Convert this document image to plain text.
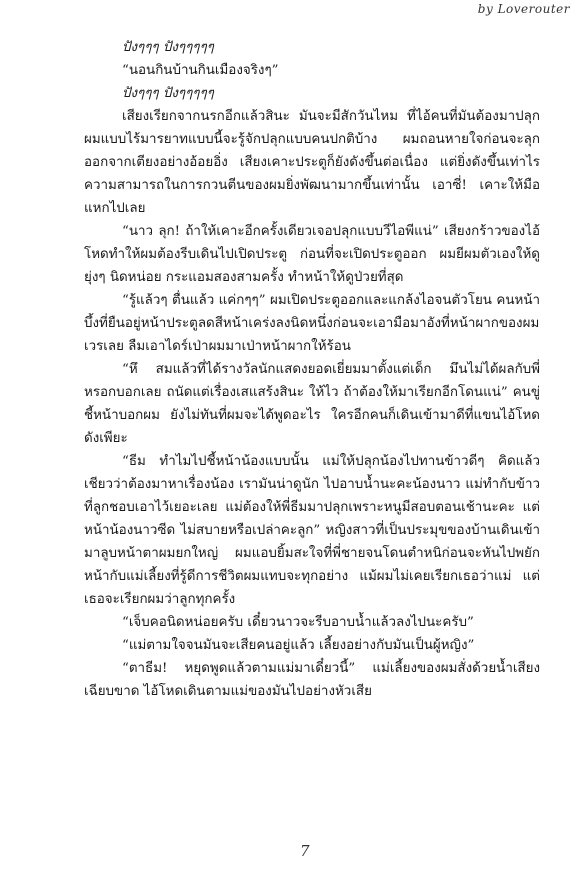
by Loverouter

ปังๆๆๆ ปังๆๆๆๆๆ

“นอนกินบ้านกินเมืองจริงๆ”

ปังๆๆๆ ปังๆๆๆๆๆ

เสียงเรียกจากนรกอีกแล้วสินะ มันจะมีสักวันไหม ที่ไอ้คนที่มันต้องมาปลุกผมแบบไร้มารยาทแบบนี้จะรู้จักปลุกแบบคนปกติบ้าง ผมถอนหายใจก่อนจะลุกออกจากเตียงอย่างอ้อยอิ่ง เสียงเคาะประตูก็ยังดังขึ้นต่อเนื่อง แต่ยิ่งดังขึ้นเท่าไร ความสามารถในการกวนตีนของผมยิ่งพัฒนามากขึ้นเท่านั้น เอาซี่! เคาะให้มือแหกไปเลย

“นาว ลุก! ถ้าให้เคาะอีกครั้งเดียวเจอปลุกแบบวีไอพีแน่” เสียงกร้าวของไอ้โหดทำให้ผมต้องรีบเดินไปเปิดประตู ก่อนที่จะเปิดประตูออก ผมยีผมตัวเองให้ดูยุ่งๆ นิดหน่อย กระแอมสองสามครั้ง ทำหน้าให้ดูป่วยที่สุด

“รู้แล้วๆ ตื่นแล้ว แค่กๆๆ” ผมเปิดประตูออกและแกล้งไอจนตัวโยน คนหน้าบึ้งที่ยืนอยู่หน้าประตูลดสีหน้าเคร่งลงนิดหนึ่งก่อนจะเอามือมาอังที่หน้าผากของผม เวรเลย ลืมเอาไดร์เป่าผมมาเป่าหน้าผากให้ร้อน

“หึ สมแล้วที่ได้รางวัลนักแสดงยอดเยี่ยมมาตั้งแต่เด็ก มึนไม่ได้ผลกับพี่หรอกบอกเลย ถนัดแต่เรื่องเสแสร้งสินะ ให้ไว ถ้าต้องให้มาเรียกอีกโดนแน่” คนขู่ชี้หน้าบอกผม ยังไม่ทันที่ผมจะได้พูดอะไร ใครอีกคนก็เดินเข้ามาดีที่แขนไอ้โหดดังเพียะ

“ธีม ทำไมไปชี้หน้าน้องแบบนั้น แม่ให้ปลุกน้องไปทานข้าวดีๆ คิดแล้วเชียวว่าต้องมาหาเรื่องน้อง เรามันน่าดูนัก ไปอาบน้ำนะคะน้องนาว แม่ทำกับข้าวที่ลูกชอบเอาไว้เยอะเลย แม่ต้องให้พี่ธีมมาปลุกเพราะหนูมีสอบตอนเช้านะคะ แต่หน้าน้องนาวซีด ไม่สบายหรือเปล่าคะลูก” หญิงสาวที่เป็นประมุขของบ้านเดินเข้ามาลูบหน้าตาผมยกใหญ่ ผมแอบยิ้มสะใจที่พี่ชายจนโดนตำหนิก่อนจะหันไปพยักหน้ากับแม่เลี้ยงที่รู้ดีการชีวิตผมแทบจะทุกอย่าง แม้ผมไม่เคยเรียกเธอว่าแม่ แต่เธอจะเรียกผมว่าลูกทุกครั้ง

“เจ็บคอนิดหน่อยครับ เดี๋ยวนาวจะรีบอาบน้ำแล้วลงไปนะครับ”

“แม่ตามใจจนมันจะเสียคนอยู่แล้ว เลี้ยงอย่างกับมันเป็นผู้หญิง”

“ตาธีม! หยุดพูดแล้วตามแม่มาเดี๋ยวนี้” แม่เลี้ยงของผมสั่งด้วยน้ำเสียงเฉียบขาด ไอ้โหดเดินตามแม่ของมันไปอย่างหัวเสีย

7
